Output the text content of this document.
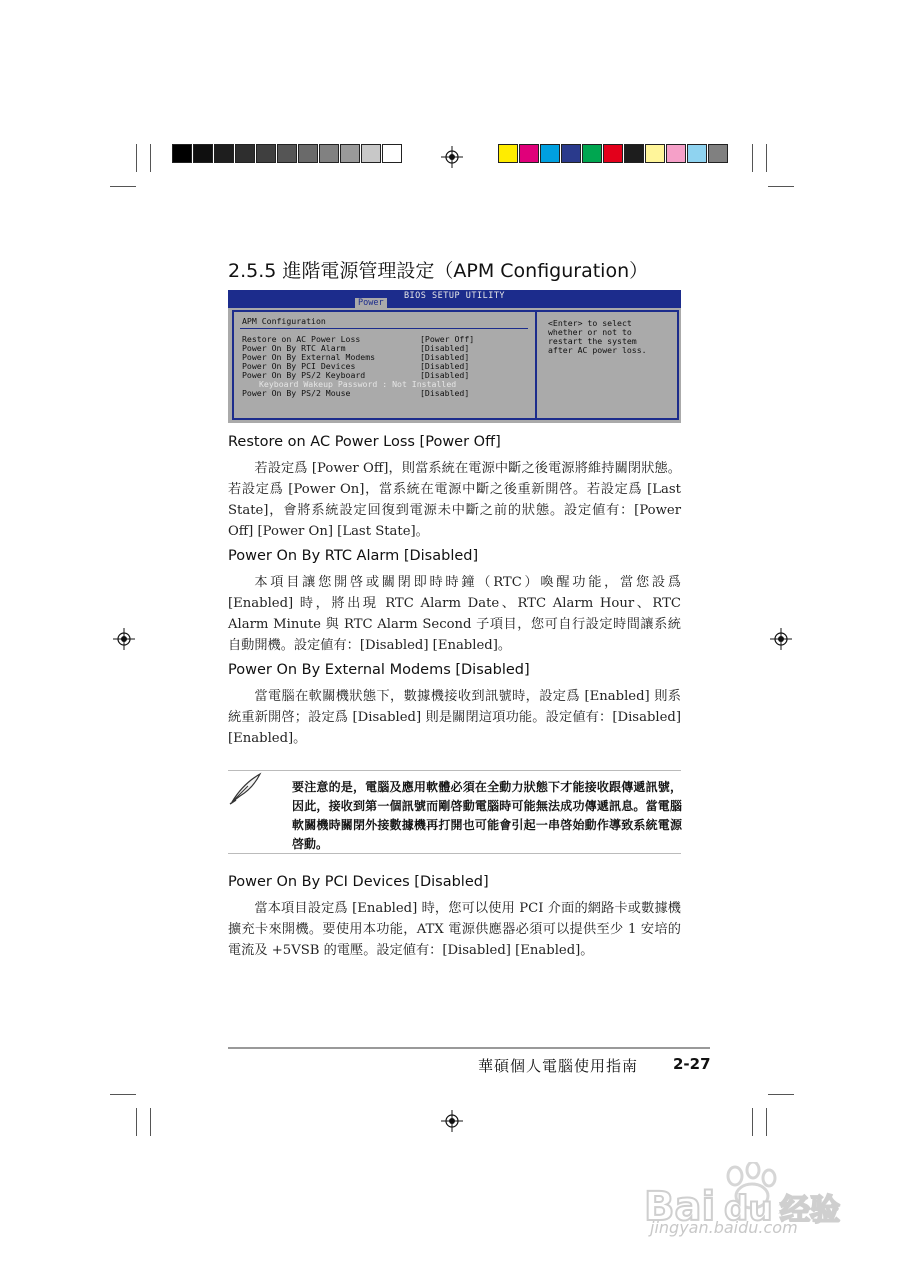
2.5.5 進階電源管理設定（APM Configuration）
BIOS SETUP UTILITY
Power
APM Configuration
Restore on AC Power Loss	[Power Off]
Power On By RTC Alarm	[Disabled]
Power On By External Modems	[Disabled]
Power On By PCI Devices	[Disabled]
Power On By PS/2 Keyboard	[Disabled]
Keyboard Wakeup Password : Not Installed
Power On By PS/2 Mouse	[Disabled]
<Enter> to select
whether or not to
restart the system
after AC power loss.
Restore on AC Power Loss [Power Off]
若設定爲 [Power Off]，則當系統在電源中斷之後電源將維持關閉狀態。若設定爲 [Power On]，當系統在電源中斷之後重新開啓。若設定爲 [Last State]，會將系統設定回復到電源未中斷之前的狀態。設定値有：[Power Off] [Power On] [Last State]。
Power On By RTC Alarm [Disabled]
本項目讓您開啓或關閉即時時鐘（RTC）喚醒功能，當您設爲 [Enabled] 時，將出現 RTC Alarm Date、RTC Alarm Hour、RTC Alarm Minute 與 RTC Alarm Second 子項目，您可自行設定時間讓系統自動開機。設定値有：[Disabled] [Enabled]。
Power On By External Modems [Disabled]
當電腦在軟關機狀態下，數據機接收到訊號時，設定爲 [Enabled] 則系統重新開啓；設定爲 [Disabled] 則是關閉這項功能。設定値有：[Disabled] [Enabled]。
要注意的是，電腦及應用軟體必須在全動力狀態下才能接收跟傳遞訊號，因此，接收到第一個訊號而剛啓動電腦時可能無法成功傳遞訊息。當電腦軟關機時關閉外接數據機再打開也可能會引起一串啓始動作導致系統電源啓動。
Power On By PCI Devices [Disabled]
當本項目設定爲 [Enabled] 時，您可以使用 PCI 介面的網路卡或數據機擴充卡來開機。要使用本功能，ATX 電源供應器必須可以提供至少 1 安培的電流及 +5VSB 的電壓。設定値有：[Disabled] [Enabled]。
華碩個人電腦使用指南 2-27
Bai du 经验
jingyan.baidu.com
